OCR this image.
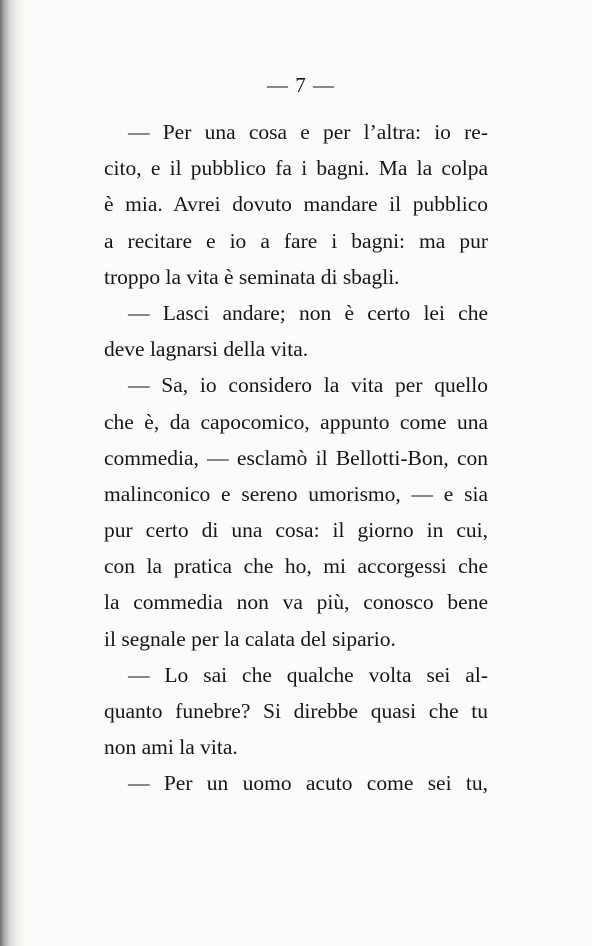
— 7 —
— Per una cosa e per l’altra: io re-
cito, e il pubblico fa i bagni. Ma la colpa
è mia. Avrei dovuto mandare il pubblico
a recitare e io a fare i bagni: ma pur
troppo la vita è seminata di sbagli.
— Lasci andare; non è certo lei che
deve lagnarsi della vita.
— Sa, io considero la vita per quello
che è, da capocomico, appunto come una
commedia, — esclamò il Bellotti-Bon, con
malinconico e sereno umorismo, — e sia
pur certo di una cosa: il giorno in cui,
con la pratica che ho, mi accorgessi che
la commedia non va più, conosco bene
il segnale per la calata del sipario.
— Lo sai che qualche volta sei al-
quanto funebre? Si direbbe quasi che tu
non ami la vita.
— Per un uomo acuto come sei tu,
